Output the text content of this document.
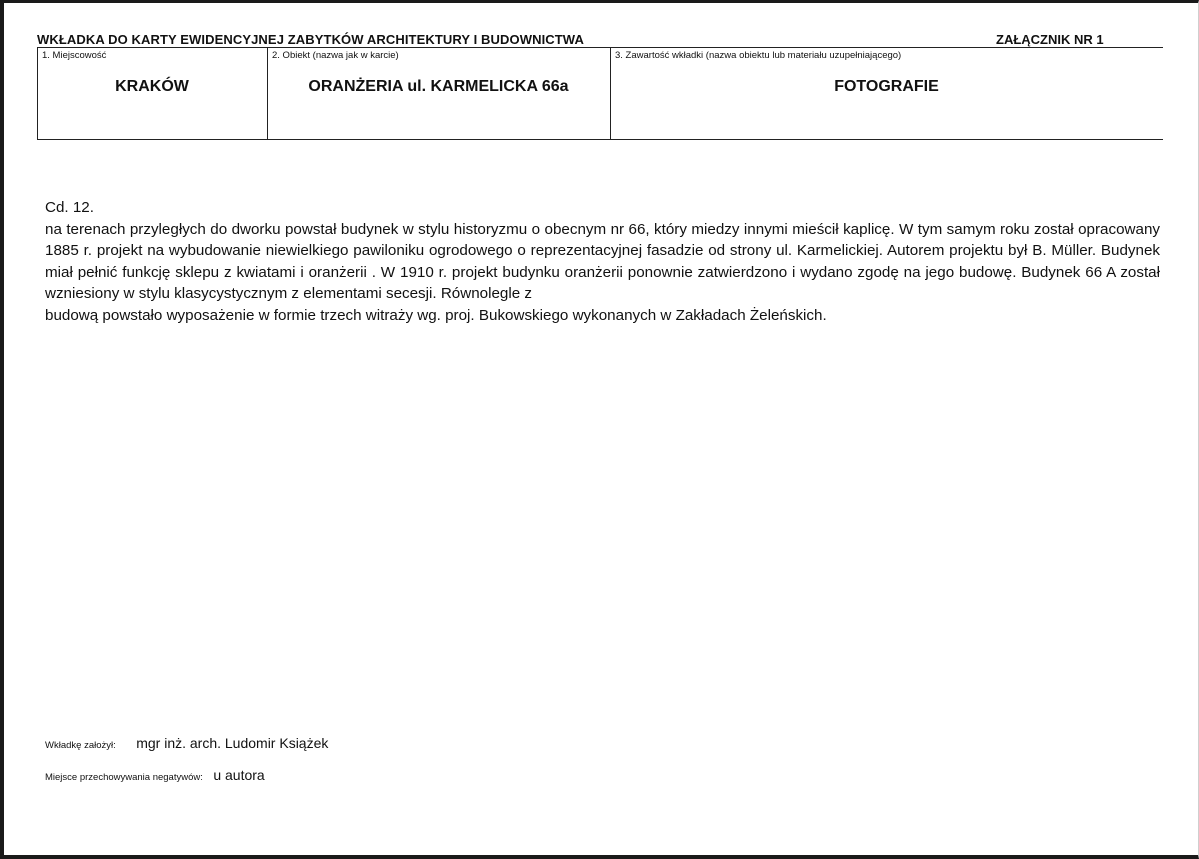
WKŁADKA DO KARTY EWIDENCYJNEJ ZABYTKÓW ARCHITEKTURY I BUDOWNICTWA	ZAŁĄCZNIK NR 1
1. Miejscowość
KRAKÓW
2. Obiekt (nazwa jak w karcie)
ORANŻERIA ul. KARMELICKA 66a
3. Zawartość wkładki (nazwa obiektu lub materiału uzupełniającego)
FOTOGRAFIE

Cd. 12.

na terenach przyległych do dworku powstał budynek w stylu historyzmu o obecnym nr 66, który miedzy innymi mieścił kaplicę. W tym samym roku został opracowany 1885 r. projekt na wybudowanie niewielkiego pawiloniku ogrodowego o reprezentacyjnej fasadzie od strony ul. Karmelickiej. Autorem projektu był B. Müller. Budynek miał pełnić funkcję sklepu z kwiatami i oranżerii . W 1910 r. projekt budynku oranżerii ponownie zatwierdzono i wydano zgodę na jego budowę. Budynek 66 A został wzniesiony w stylu klasycystycznym z elementami secesji. Równolegle z

budową powstało wyposażenie w formie trzech witraży wg. proj. Bukowskiego wykonanych w Zakładach Żeleńskich.

Wkładkę założył: mgr inż. arch. Ludomir Książek
Miejsce przechowywania negatywów: u autora
